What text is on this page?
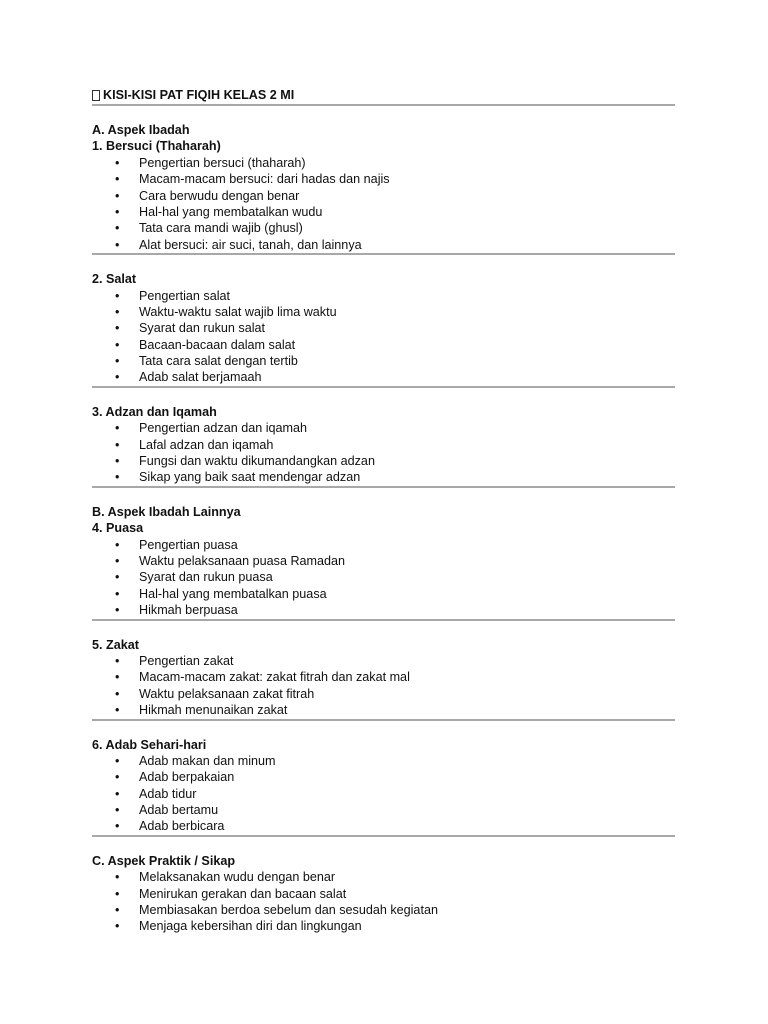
KISI-KISI PAT FIQIH KELAS 2 MI
A. Aspek Ibadah
1. Bersuci (Thaharah)
• Pengertian bersuci (thaharah)
• Macam-macam bersuci: dari hadas dan najis
• Cara berwudu dengan benar
• Hal-hal yang membatalkan wudu
• Tata cara mandi wajib (ghusl)
• Alat bersuci: air suci, tanah, dan lainnya
2. Salat
• Pengertian salat
• Waktu-waktu salat wajib lima waktu
• Syarat dan rukun salat
• Bacaan-bacaan dalam salat
• Tata cara salat dengan tertib
• Adab salat berjamaah
3. Adzan dan Iqamah
• Pengertian adzan dan iqamah
• Lafal adzan dan iqamah
• Fungsi dan waktu dikumandangkan adzan
• Sikap yang baik saat mendengar adzan
B. Aspek Ibadah Lainnya
4. Puasa
• Pengertian puasa
• Waktu pelaksanaan puasa Ramadan
• Syarat dan rukun puasa
• Hal-hal yang membatalkan puasa
• Hikmah berpuasa
5. Zakat
• Pengertian zakat
• Macam-macam zakat: zakat fitrah dan zakat mal
• Waktu pelaksanaan zakat fitrah
• Hikmah menunaikan zakat
6. Adab Sehari-hari
• Adab makan dan minum
• Adab berpakaian
• Adab tidur
• Adab bertamu
• Adab berbicara
C. Aspek Praktik / Sikap
• Melaksanakan wudu dengan benar
• Menirukan gerakan dan bacaan salat
• Membiasakan berdoa sebelum dan sesudah kegiatan
• Menjaga kebersihan diri dan lingkungan
